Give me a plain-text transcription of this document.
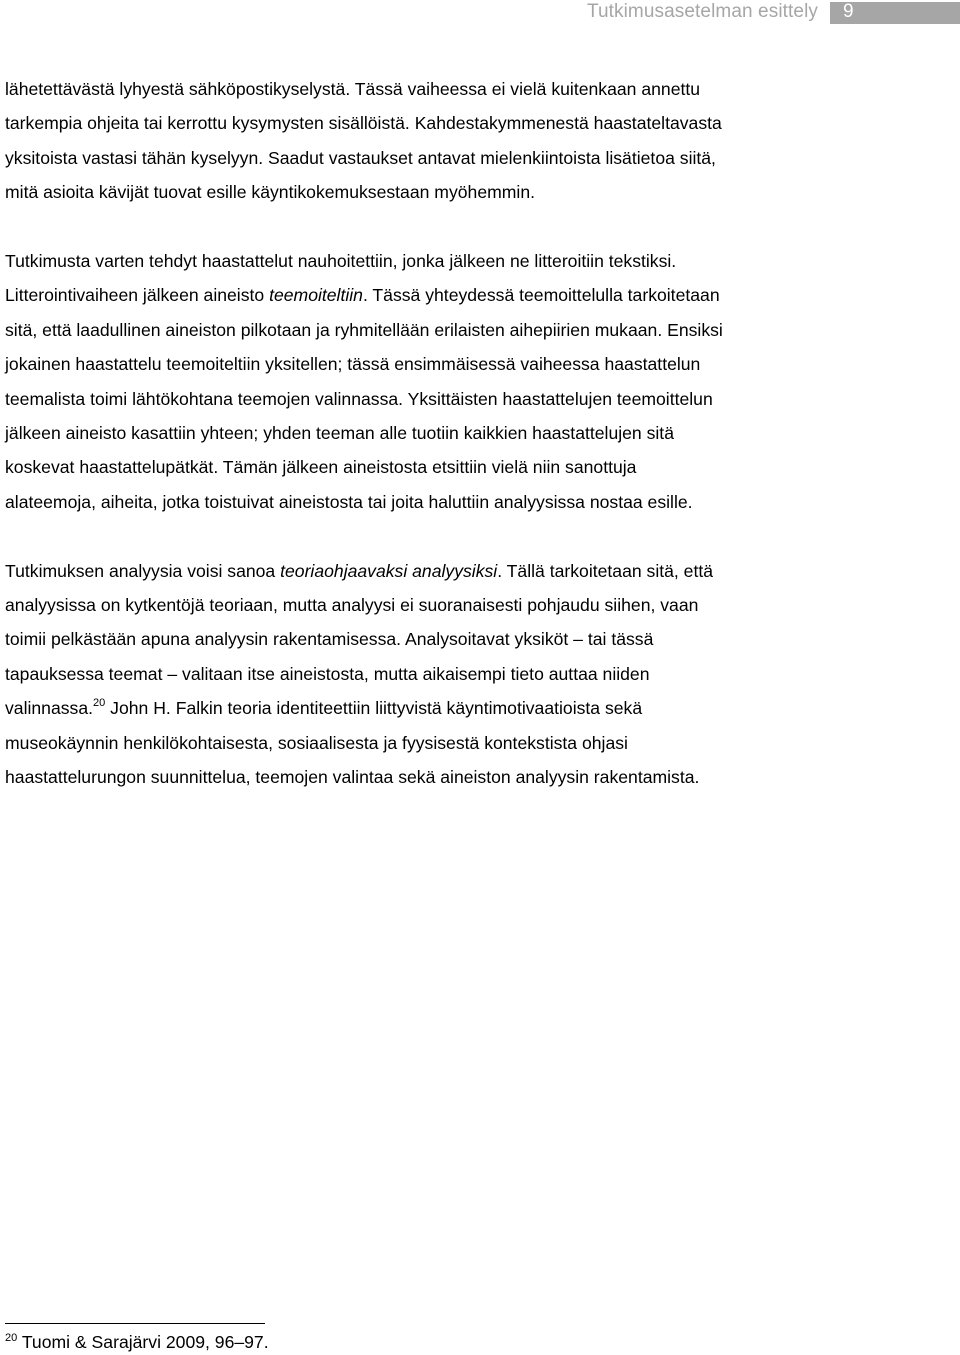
Tutkimusasetelman esittely 9

lähetettävästä lyhyestä sähköpostikyselystä. Tässä vaiheessa ei vielä kuitenkaan annettu
tarkempia ohjeita tai kerrottu kysymysten sisällöistä. Kahdestakymmenestä haastateltavasta
yksitoista vastasi tähän kyselyyn. Saadut vastaukset antavat mielenkiintoista lisätietoa siitä,
mitä asioita kävijät tuovat esille käyntikokemuksestaan myöhemmin.

Tutkimusta varten tehdyt haastattelut nauhoitettiin, jonka jälkeen ne litteroitiin tekstiksi.
Litterointivaiheen jälkeen aineisto teemoiteltiin. Tässä yhteydessä teemoittelulla tarkoitetaan
sitä, että laadullinen aineiston pilkotaan ja ryhmitellään erilaisten aihepiirien mukaan. Ensiksi
jokainen haastattelu teemoiteltiin yksitellen; tässä ensimmäisessä vaiheessa haastattelun
teemalista toimi lähtökohtana teemojen valinnassa. Yksittäisten haastattelujen teemoittelun
jälkeen aineisto kasattiin yhteen; yhden teeman alle tuotiin kaikkien haastattelujen sitä
koskevat haastattelupätkät. Tämän jälkeen aineistosta etsittiin vielä niin sanottuja
alateemoja, aiheita, jotka toistuivat aineistosta tai joita haluttiin analyysissa nostaa esille.

Tutkimuksen analyysia voisi sanoa teoriaohjaavaksi analyysiksi. Tällä tarkoitetaan sitä, että
analyysissa on kytkentöjä teoriaan, mutta analyysi ei suoranaisesti pohjaudu siihen, vaan
toimii pelkästään apuna analyysin rakentamisessa. Analysoitavat yksiköt – tai tässä
tapauksessa teemat – valitaan itse aineistosta, mutta aikaisempi tieto auttaa niiden
valinnassa.$^{20}$ John H. Falkin teoria identiteettiin liittyvistä käyntimotivaatioista sekä
museokäynnin henkilökohtaisesta, sosiaalisesta ja fyysisestä kontekstista ohjasi
haastattelurungon suunnittelua, teemojen valintaa sekä aineiston analyysin rakentamista.

$^{20}$ Tuomi & Sarajärvi 2009, 96–97.
